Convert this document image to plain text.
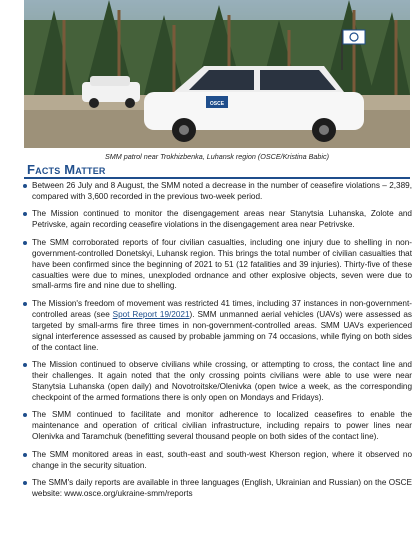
OSCE
SMM patrol near Trokhizbenka, Luhansk region (OSCE/Kristina Babic)
Facts Matter
Between 26 July and 8 August, the SMM noted a decrease in the number of ceasefire violations – 2,389, compared with 3,600 recorded in the previous two-week period.
The Mission continued to monitor the disengagement areas near Stanytsia Luhanska, Zolote and Petrivske, again recording ceasefire violations in the disengagement area near Petrivske.
The SMM corroborated reports of four civilian casualties, including one injury due to shelling in non-government-controlled Donetskyi, Luhansk region. This brings the total number of civilian casualties that have been confirmed since the beginning of 2021 to 51 (12 fatalities and 39 injuries). Thirty-five of these casualties were due to mines, unexploded ordnance and other explosive objects, seven were due to small-arms fire and nine due to shelling.
The Mission's freedom of movement was restricted 41 times, including 37 instances in non-government-controlled areas (see Spot Report 19/2021). SMM unmanned aerial vehicles (UAVs) were assessed as targeted by small-arms fire three times in non-government-controlled areas. SMM UAVs experienced signal interference assessed as caused by probable jamming on 74 occasions, while flying on both sides of the contact line.
The Mission continued to observe civilians while crossing, or attempting to cross, the contact line and their challenges. It again noted that the only crossing points civilians were able to use were near Stanytsia Luhanska (open daily) and Novotroitske/Olenivka (open twice a week, as the corresponding checkpoint of the armed formations there is only open on Mondays and Fridays).
The SMM continued to facilitate and monitor adherence to localized ceasefires to enable the maintenance and operation of critical civilian infrastructure, including repairs to power lines near Olenivka and Taramchuk (benefitting several thousand people on both sides of the contact line).
The SMM monitored areas in east, south-east and south-west Kherson region, where it observed no change in the security situation.
The SMM's daily reports are available in three languages (English, Ukrainian and Russian) on the OSCE website: www.osce.org/ukraine-smm/reports
